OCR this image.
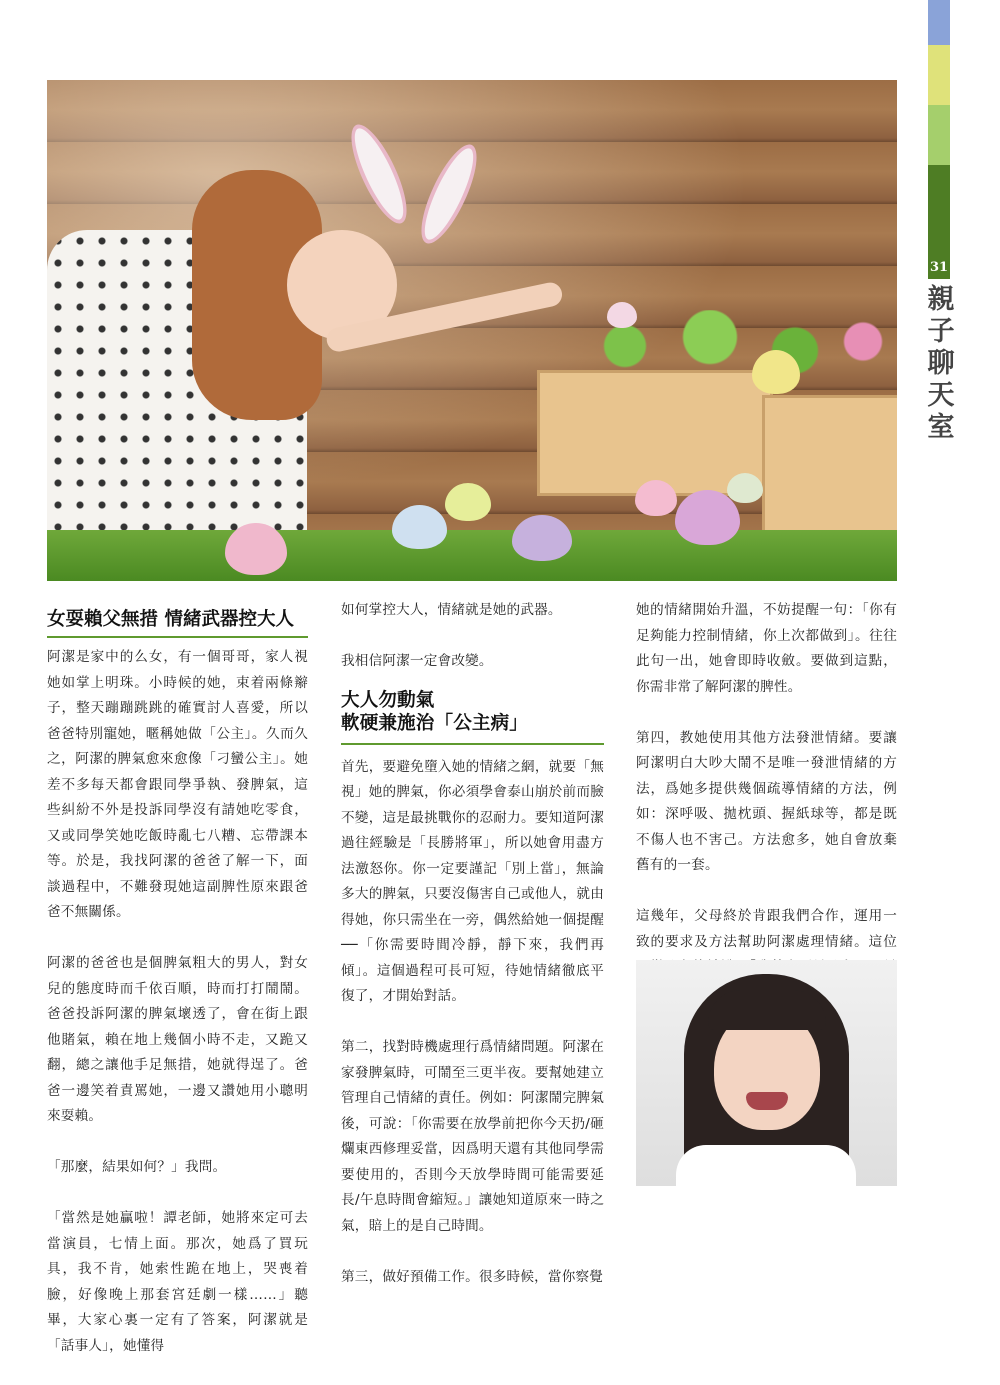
31
親子聊天室
女耍賴父無措 情緒武器控大人

阿潔是家中的么女，有一個哥哥，家人視她如掌上明珠。小時候的她，束着兩條辮子，整天蹦蹦跳跳的確實討人喜愛，所以爸爸特別寵她，暱稱她做「公主」。久而久之，阿潔的脾氣愈來愈像「刁蠻公主」。她差不多每天都會跟同學爭執、發脾氣，這些糾紛不外是投訴同學沒有請她吃零食，又或同學笑她吃飯時亂七八糟、忘帶課本等。於是，我找阿潔的爸爸了解一下，面談過程中，不難發現她這副脾性原來跟爸爸不無關係。

阿潔的爸爸也是個脾氣粗大的男人，對女兒的態度時而千依百順，時而打打鬧鬧。爸爸投訴阿潔的脾氣壞透了，會在街上跟他賭氣，賴在地上幾個小時不走，又跪又翻，總之讓他手足無措，她就得逞了。爸爸一邊笑着責罵她，一邊又讚她用小聰明來耍賴。

「那麼，結果如何？」我問。

「當然是她贏啦！譚老師，她將來定可去當演員，七情上面。那次，她爲了買玩具，我不肯，她索性跪在地上，哭喪着臉，好像晚上那套宮廷劇一樣……」聽畢，大家心裏一定有了答案，阿潔就是「話事人」，她懂得

如何掌控大人，情緒就是她的武器。

我相信阿潔一定會改變。

大人勿動氣
軟硬兼施治「公主病」

首先，要避免墮入她的情緒之網，就要「無視」她的脾氣，你必須學會泰山崩於前而臉不變，這是最挑戰你的忍耐力。要知道阿潔過往經驗是「長勝將軍」，所以她會用盡方法激怒你。你一定要謹記「別上當」，無論多大的脾氣，只要沒傷害自己或他人，就由得她，你只需坐在一旁，偶然給她一個提醒──「你需要時間冷靜，靜下來，我們再傾」。這個過程可長可短，待她情緒徹底平復了，才開始對話。

第二，找對時機處理行爲情緒問題。阿潔在家發脾氣時，可鬧至三更半夜。要幫她建立管理自己情緒的責任。例如：阿潔鬧完脾氣後，可說：「你需要在放學前把你今天扔/砸爛東西修理妥當，因爲明天還有其他同學需要使用的，否則今天放學時間可能需要延長/午息時間會縮短。」讓她知道原來一時之氣，賠上的是自己時間。

第三，做好預備工作。很多時候，當你察覺

她的情緒開始升溫，不妨提醒一句：「你有足夠能力控制情緒，你上次都做到」。往往此句一出，她會即時收斂。要做到這點，你需非常了解阿潔的脾性。

第四，教她使用其他方法發泄情緒。要讓阿潔明白大吵大鬧不是唯一發泄情緒的方法，爲她多提供幾個疏導情緒的方法，例如：深呼吸、拋枕頭、握紙球等，都是既不傷人也不害己。方法愈多，她自會放棄舊有的一套。

這幾年，父母終於肯跟我們合作，運用一致的要求及方法幫助阿潔處理情緒。這位
